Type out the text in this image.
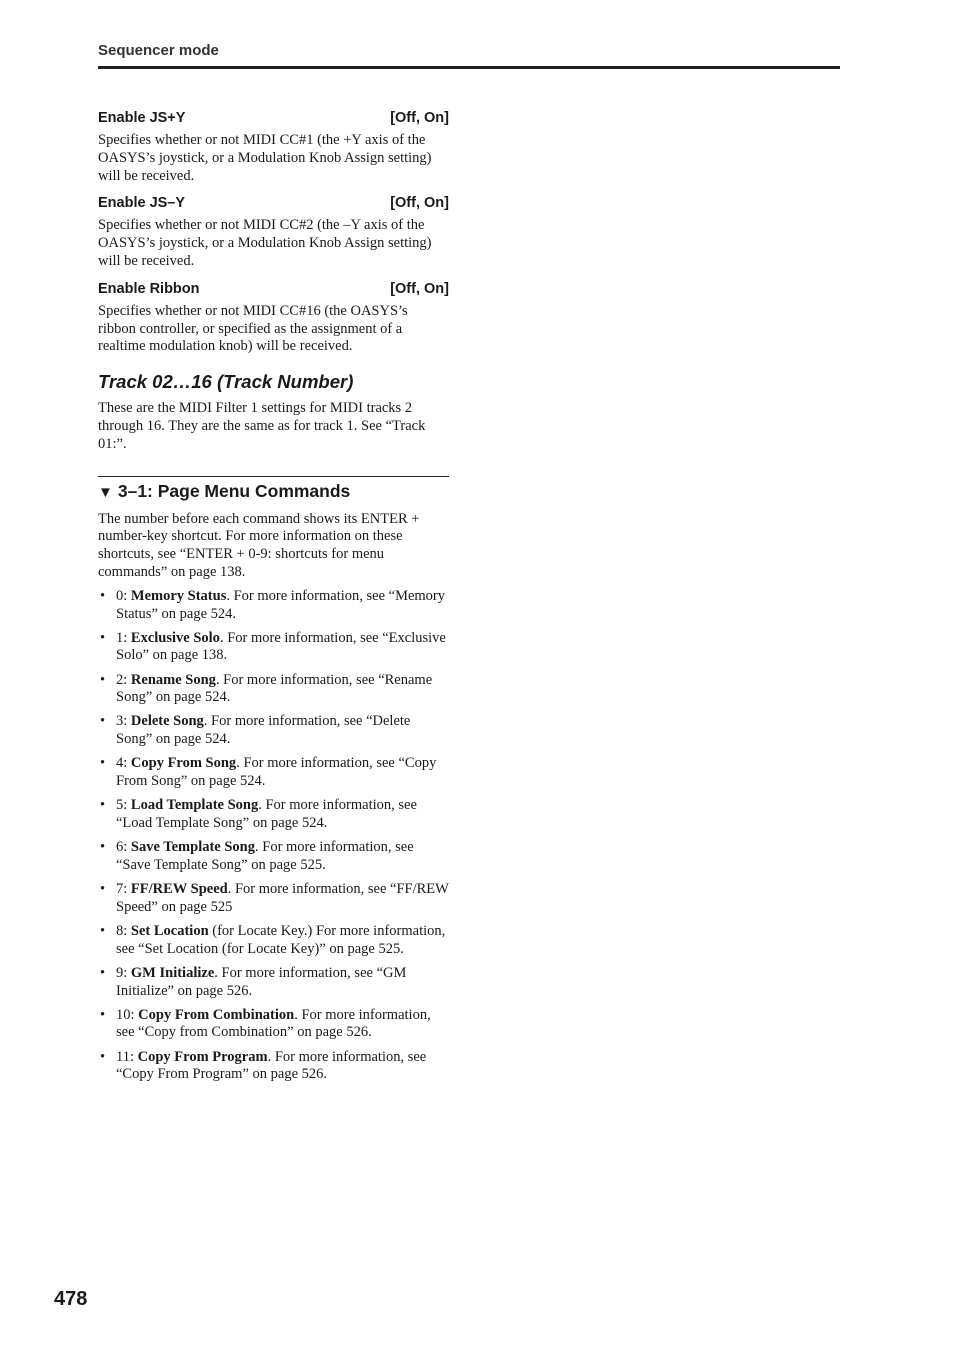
Sequencer mode
Enable JS+Y	[Off, On]

Specifies whether or not MIDI CC#1 (the +Y axis of the OASYS’s joystick, or a Modulation Knob Assign setting) will be received.

Enable JS–Y	[Off, On]

Specifies whether or not MIDI CC#2 (the –Y axis of the OASYS’s joystick, or a Modulation Knob Assign setting) will be received.

Enable Ribbon	[Off, On]

Specifies whether or not MIDI CC#16 (the OASYS’s ribbon controller, or specified as the assignment of a realtime modulation knob) will be received.

Track 02…16 (Track Number)

These are the MIDI Filter 1 settings for MIDI tracks 2 through 16. They are the same as for track 1. See “Track 01:”.

▼ 3–1: Page Menu Commands

The number before each command shows its ENTER + number-key shortcut. For more information on these shortcuts, see “ENTER + 0-9: shortcuts for menu commands” on page 138.

• 0: Memory Status. For more information, see “Memory Status” on page 524.
• 1: Exclusive Solo. For more information, see “Exclusive Solo” on page 138.
• 2: Rename Song. For more information, see “Rename Song” on page 524.
• 3: Delete Song. For more information, see “Delete Song” on page 524.
• 4: Copy From Song. For more information, see “Copy From Song” on page 524.
• 5: Load Template Song. For more information, see “Load Template Song” on page 524.
• 6: Save Template Song. For more information, see “Save Template Song” on page 525.
• 7: FF/REW Speed. For more information, see “FF/REW Speed” on page 525
• 8: Set Location (for Locate Key.) For more information, see “Set Location (for Locate Key)” on page 525.
• 9: GM Initialize. For more information, see “GM Initialize” on page 526.
• 10: Copy From Combination. For more information, see “Copy from Combination” on page 526.
• 11: Copy From Program. For more information, see “Copy From Program” on page 526.
478
